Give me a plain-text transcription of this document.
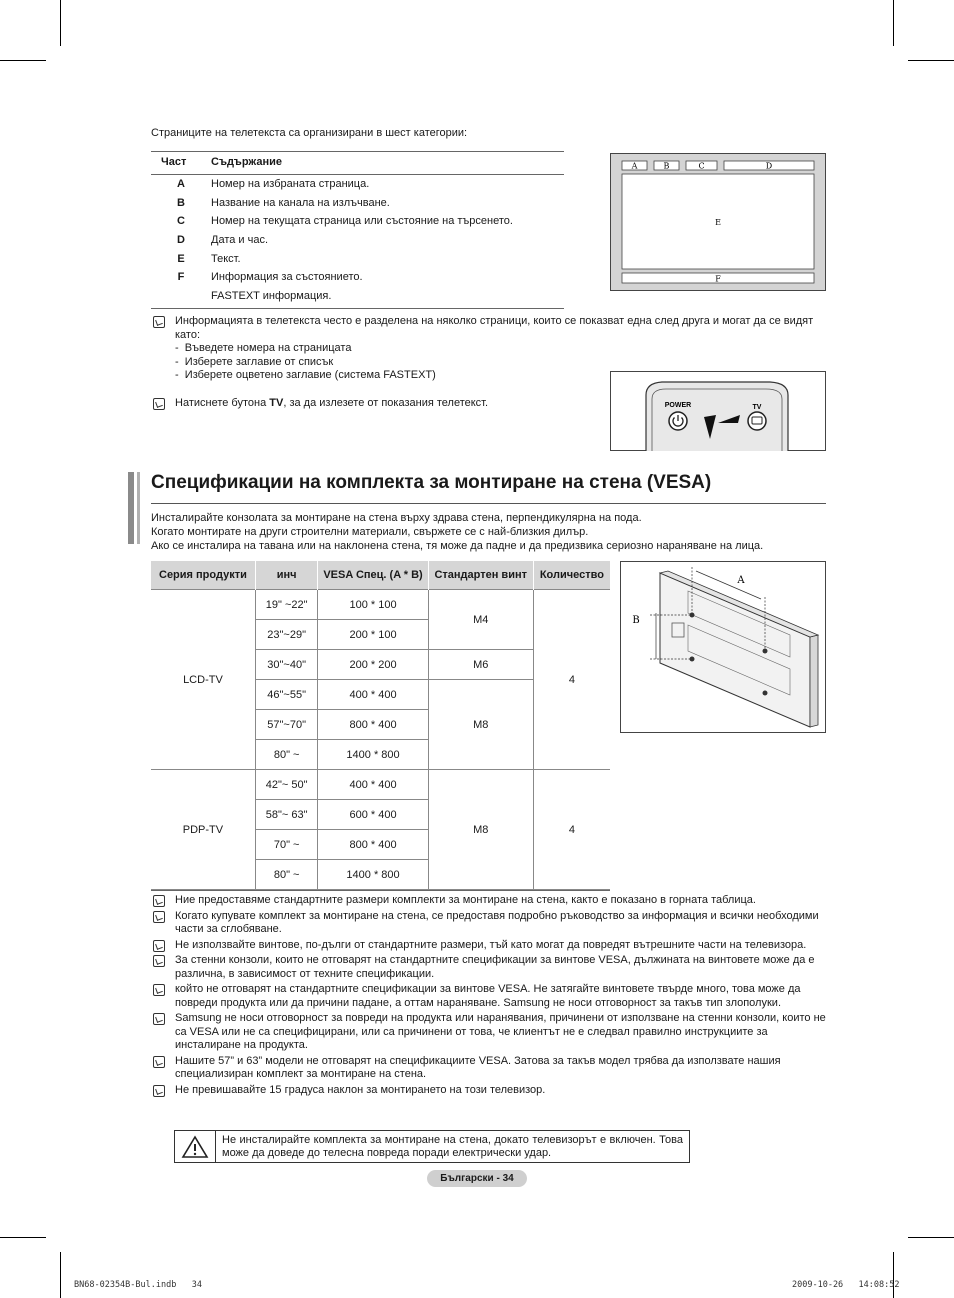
Страниците на телетекста са организирани в шест категории:
Част	Съдържание
A	Номер на избраната страница.
B	Название на канала на излъчване.
C	Номер на текущата страница или състояние на търсенето.
D	Дата и час.
E	Текст.
F	Информация за състоянието.
	FASTEXT информация.
A	B	C	D
E
F
Информацията в телетекста често е разделена на няколко страници, които се показват една след друга и могат да се видят като:
-  Въведете номера на страницата
-  Изберете заглавие от списък
-  Изберете оцветено заглавие (система FASTEXT)
Натиснете бутона TV, за да излезете от показания телетекст.	POWER	TV
Спецификации на комплекта за монтиране на стена (VESA)
Инсталирайте конзолата за монтиране на стена върху здрава стена, перпендикулярна на пода.
Когато монтирате на други строителни материали, свържете се с най-близкия дилър.
Ако се инсталира на тавана или на наклонена стена, тя може да падне и да предизвика сериозно нараняване на лица.
Серия продукти	инч	VESA Спец. (A * B)	Стандартен винт	Количество
LCD-TV	19" ~22"	100 * 100	M4	4
	23"~29"	200 * 100		
	30"~40"	200 * 200	M6	
	46"~55"	400 * 400	M8	
	57"~70"	800 * 400		
	80" ~	1400 * 800		
PDP-TV	42"~ 50"	400 * 400	M8	4
	58"~ 63"	600 * 400		
	70" ~	800 * 400		
	80" ~	1400 * 800		
A
B
Ние предоставяме стандартните размери комплекти за монтиране на стена, както е показано в горната таблица.
Когато купувате комплект за монтиране на стена, се предоставя подробно ръководство за информация и всички необходими части за сглобяване.
Не използвайте винтове, по-дълги от стандартните размери, тъй като могат да повредят вътрешните части на телевизора.
За стенни конзоли, които не отговарят на стандартните спецификации за винтове VESA, дължината на винтовете може да е различна, в зависимост от техните спецификации.
който не отговарят на стандартните спецификации за винтове VESA. Не затягайте винтовете твърде много, това може да повреди продукта или да причини падане, а оттам нараняване. Samsung не носи отговорност за такъв тип злополуки.
Samsung не носи отговорност за повреди на продукта или наранявания, причинени от използване на стенни конзоли, които не са VESA или не са специфицирани, или са причинени от това, че клиентът не е следвал правилно инструкциите за инсталиране на продукта.
Нашите 57” и 63” модели не отговарят на спецификациите VESA. Затова за такъв модел трябва да използвате нашия специализиран комплект за монтиране на стена.
Не превишавайте 15 градуса наклон за монтирането на този телевизор.
Не инсталирайте комплекта за монтиране на стена, докато телевизорът е включен. Това може да доведе до телесна повреда поради електрически удар.
Български - 34
BN68-02354B-Bul.indb   34	2009-10-26   14:08:52
